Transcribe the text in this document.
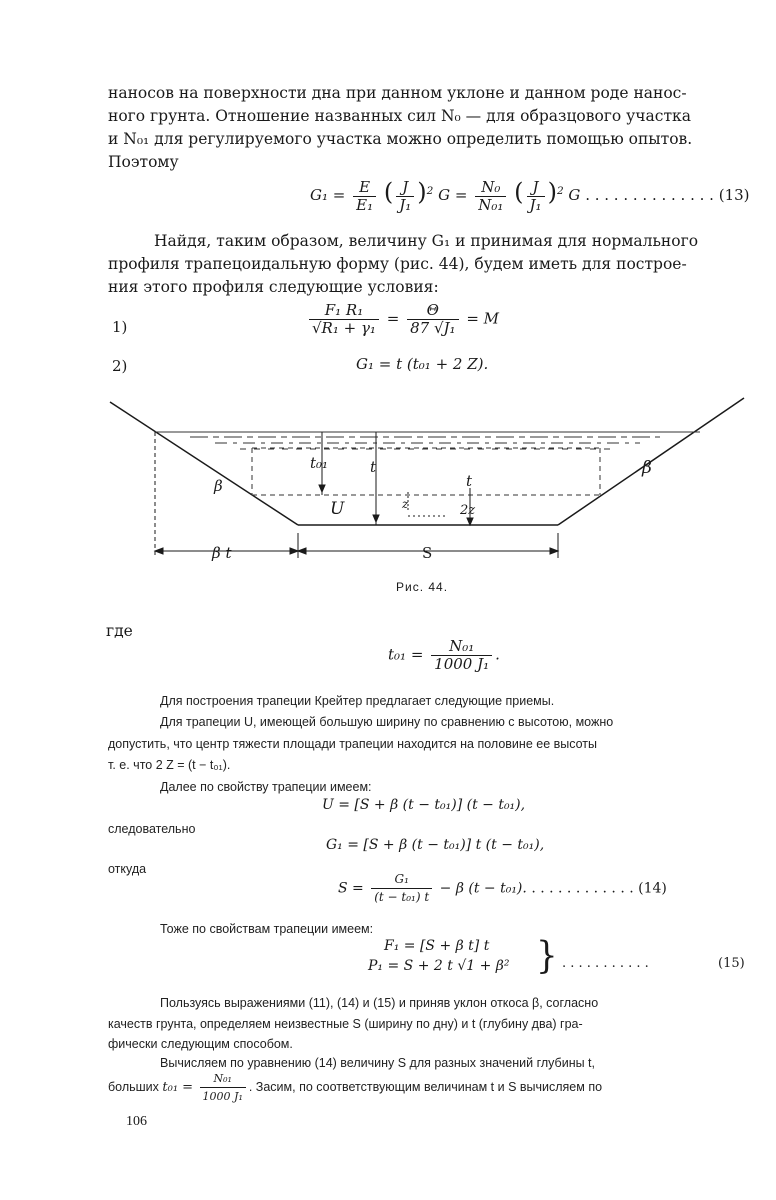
наносов на поверхности дна при данном уклоне и данном роде нанос-
ного грунта. Отношение названных сил N₀ — для образцового участка
и N₀₁ для регулируемого участка можно определить помощью опытов.
Поэтому
$G_1 = \frac{E}{\text{E₁}}$ ( $\frac{J}{\text{J₁}} )^2$ $G = \frac{\text{N₀}}{\text{N₀₁}}$ ( $\frac{J}{\text{J₁}} )^2$ G . . . . . . . . . . . . . . (13)
Найдя, таким образом, величину G₁ и принимая для нормального
профиля трапецоидальную форму (рис. 44), будем иметь для построе-
ния этого профиля следующие условия:
1)	$\frac{\text{F₁ R₁}}{\text{√R₁ + γ₁}} = \frac{\Theta}{\text{87 √J₁}} = M$
2)	G₁ = t (t₀₁ + 2 Z).
t₀₁	t
t
U	z	2z
β
β
β t	S
Рис. 44.
где
$t_{01} = \frac{\text{N₀₁}}{\text{1000 J₁}}$ .
Для построения трапеции Крейтер предлагает следующие приемы.
Для трапеции U, имеющей большую ширину по сравнению с высотою, можно
допустить, что центр тяжести площади трапеции находится на половине ее высоты
т. е. что 2 Z = (t − t₀₁).
Далее по свойству трапеции имеем:
U = [S + β (t − t₀₁)] (t − t₀₁),
следовательно
G₁ = [S + β (t − t₀₁)] t (t − t₀₁),
откуда
$S = \frac{\text{G₁}}{\text{(t − t₀₁) t}} - \beta$ (t − t₀₁). . . . . . . . . . . . . (14)
Тоже по свойствам трапеции имеем:
F₁ = [S + β t] t
P₁ = S + 2 t √1 + β² } . . . . . . . . . . .	(15)
Пользуясь выражениями (11), (14) и (15) и приняв уклон откоса β, согласно
качеств грунта, определяем неизвестные S (ширину по дну) и t (глубину два) гра-
фически следующим способом.
Вычисляем по уравнению (14) величину S для разных значений глубины t,
больших $t_{01} = \frac{\text{N₀₁}}{\text{1000 J₁}}$ . Засим, по соответствующим величинам t и S вычисляем по
106
